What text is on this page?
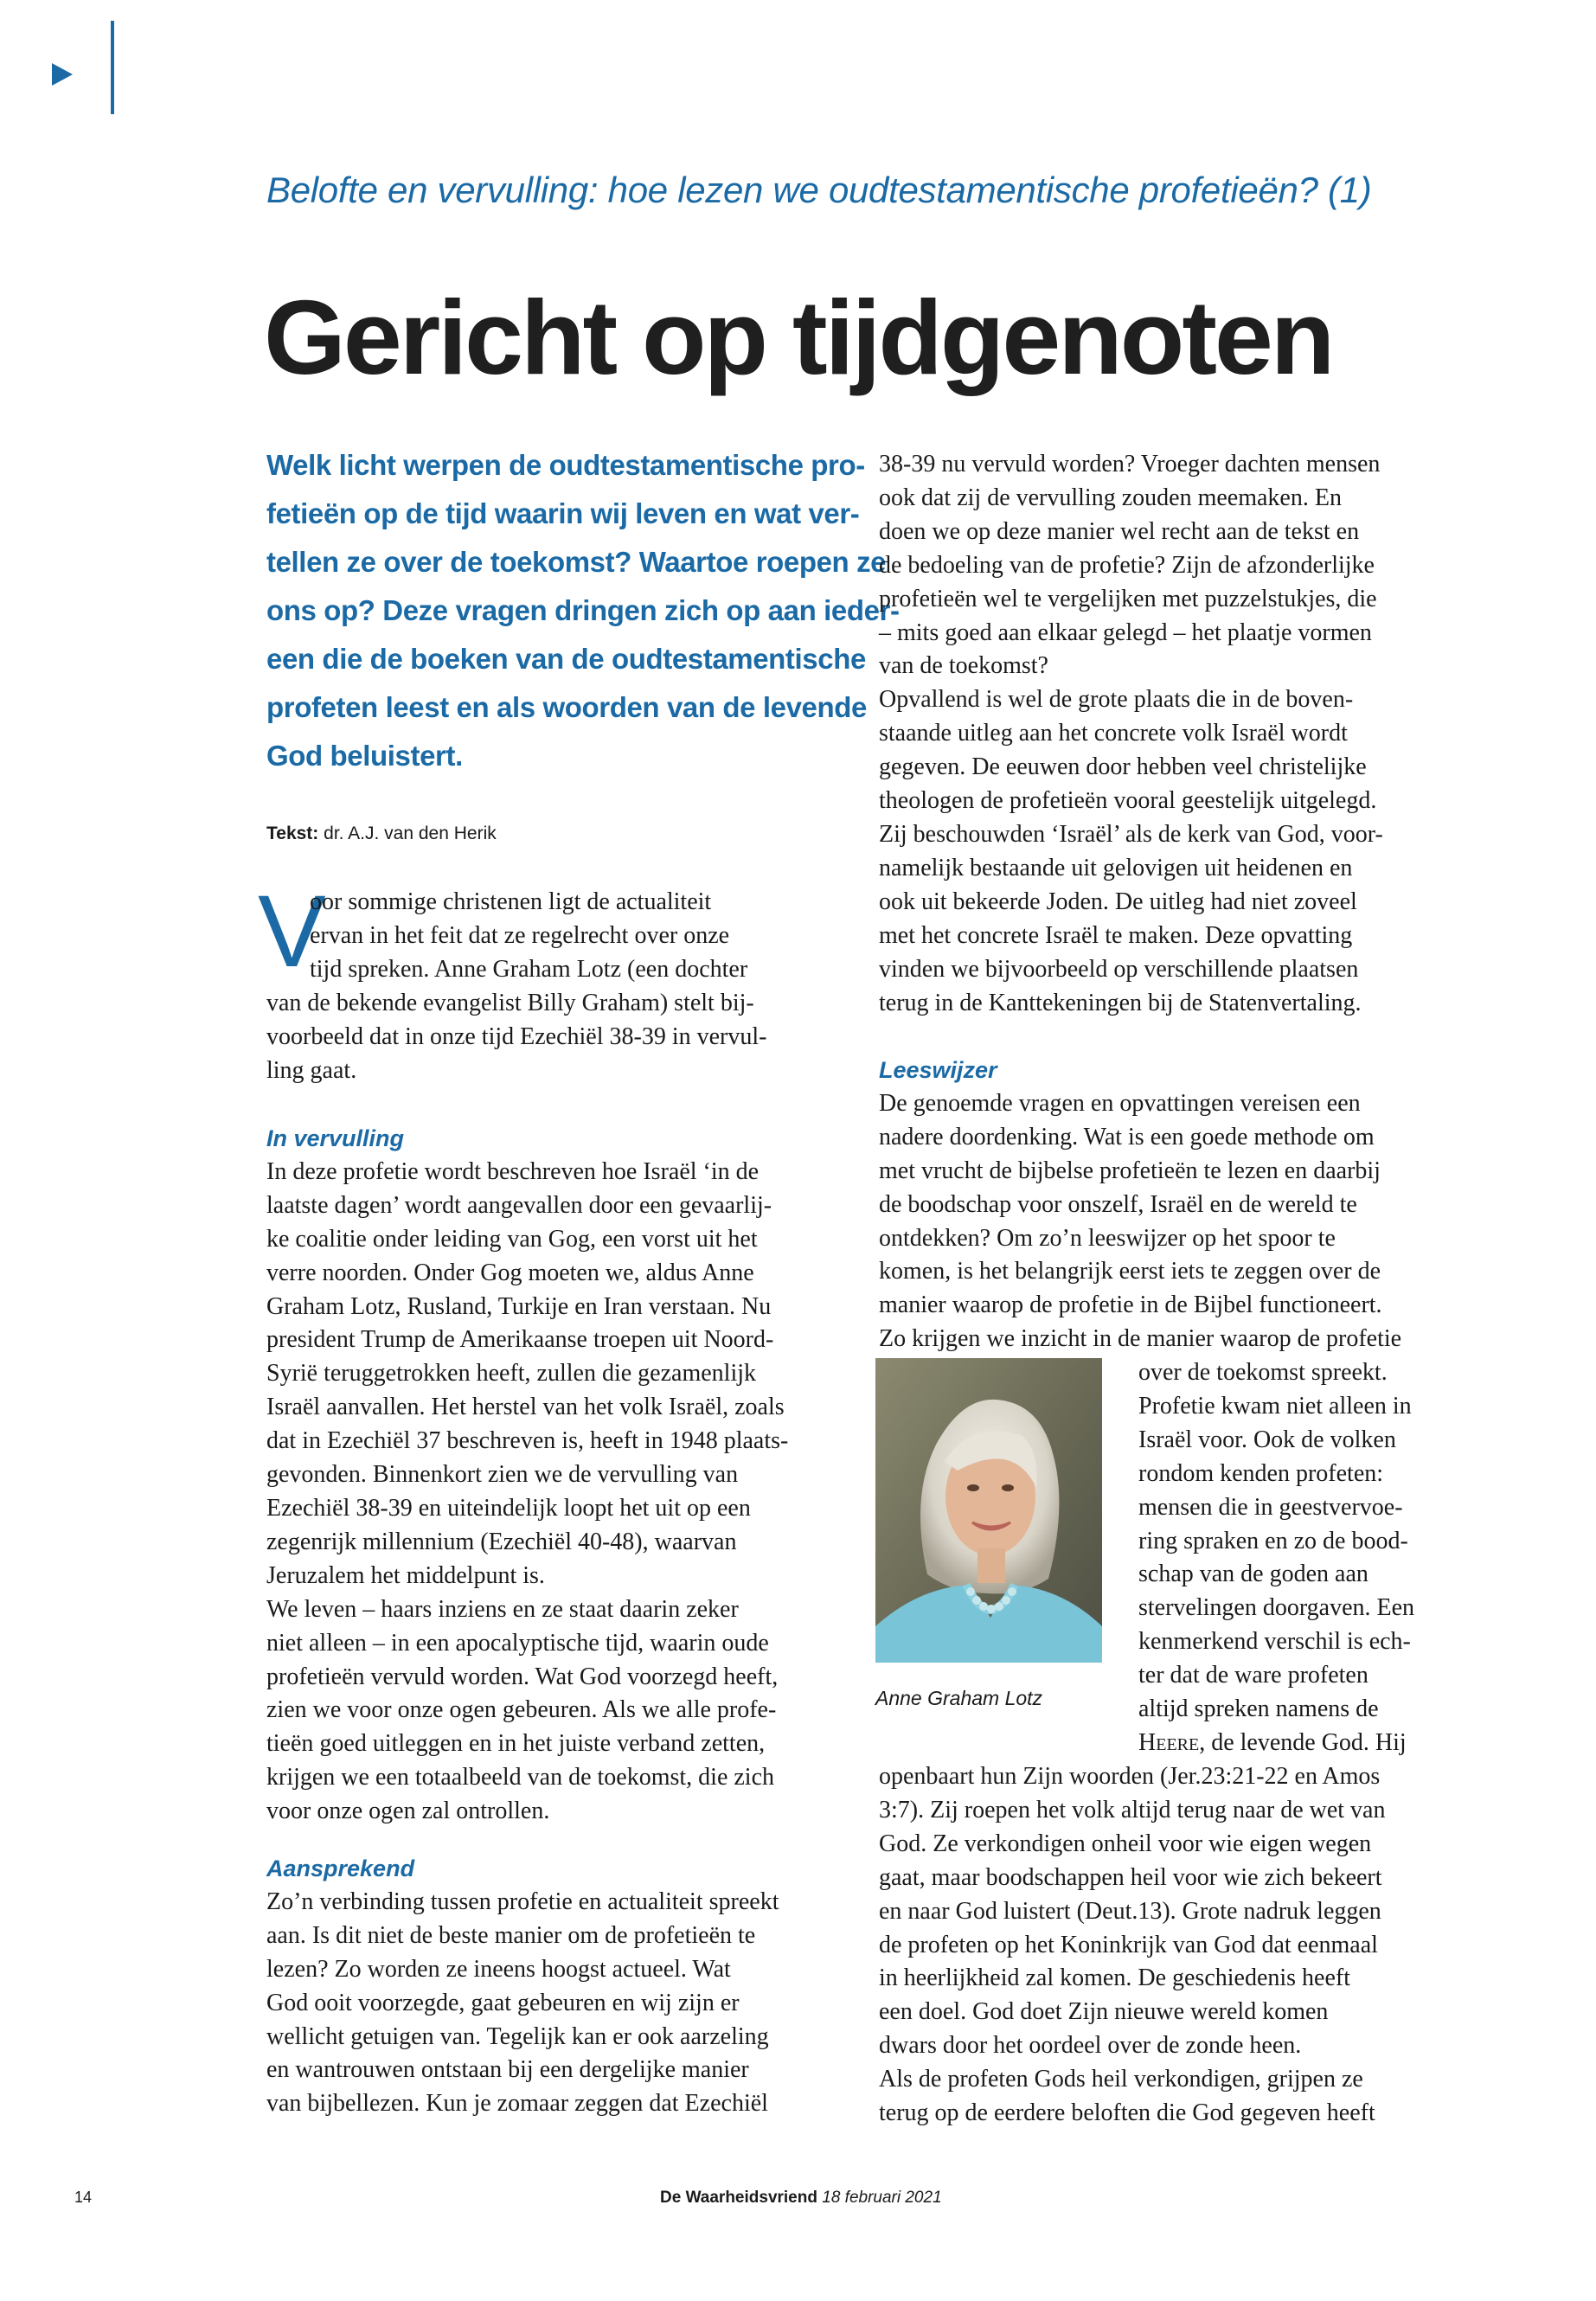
Belofte en vervulling: hoe lezen we oudtestamentische profetieën? (1)
Gericht op tijdgenoten
Welk licht werpen de oudtestamentische pro-
fetieën op de tijd waarin wij leven en wat ver-
tellen ze over de toekomst? Waartoe roepen ze
ons op? Deze vragen dringen zich op aan ieder-
een die de boeken van de oudtestamentische
profeten leest en als woorden van de levende
God beluistert.
Tekst: dr. A.J. van den Herik
V
oor sommige christenen ligt de actualiteit
ervan in het feit dat ze regelrecht over onze
tijd spreken. Anne Graham Lotz (een dochter
van de bekende evangelist Billy Graham) stelt bij-
voorbeeld dat in onze tijd Ezechiël 38-39 in vervul-
ling gaat.
In vervulling
In deze profetie wordt beschreven hoe Israël ‘in de
laatste dagen’ wordt aangevallen door een gevaarlij-
ke coalitie onder leiding van Gog, een vorst uit het
verre noorden. Onder Gog moeten we, aldus Anne
Graham Lotz, Rusland, Turkije en Iran verstaan. Nu
president Trump de Amerikaanse troepen uit Noord-
Syrië teruggetrokken heeft, zullen die gezamenlijk
Israël aanvallen. Het herstel van het volk Israël, zoals
dat in Ezechiël 37 beschreven is, heeft in 1948 plaats-
gevonden. Binnenkort zien we de vervulling van
Ezechiël 38-39 en uiteindelijk loopt het uit op een
zegenrijk millennium (Ezechiël 40-48), waarvan
Jeruzalem het middelpunt is.
We leven – haars inziens en ze staat daarin zeker
niet alleen – in een apocalyptische tijd, waarin oude
profetieën vervuld worden. Wat God voorzegd heeft,
zien we voor onze ogen gebeuren. Als we alle profe-
tieën goed uitleggen en in het juiste verband zetten,
krijgen we een totaalbeeld van de toekomst, die zich
voor onze ogen zal ontrollen.
Aansprekend
Zo’n verbinding tussen profetie en actualiteit spreekt
aan. Is dit niet de beste manier om de profetieën te
lezen? Zo worden ze ineens hoogst actueel. Wat
God ooit voorzegde, gaat gebeuren en wij zijn er
wellicht getuigen van. Tegelijk kan er ook aarzeling
en wantrouwen ontstaan bij een dergelijke manier
van bijbellezen. Kun je zomaar zeggen dat Ezechiël
38-39 nu vervuld worden? Vroeger dachten mensen
ook dat zij de vervulling zouden meemaken. En
doen we op deze manier wel recht aan de tekst en
de bedoeling van de profetie? Zijn de afzonderlijke
profetieën wel te vergelijken met puzzelstukjes, die
– mits goed aan elkaar gelegd – het plaatje vormen
van de toekomst?
Opvallend is wel de grote plaats die in de boven-
staande uitleg aan het concrete volk Israël wordt
gegeven. De eeuwen door hebben veel christelijke
theologen de profetieën vooral geestelijk uitgelegd.
Zij beschouwden ‘Israël’ als de kerk van God, voor-
namelijk bestaande uit gelovigen uit heidenen en
ook uit bekeerde Joden. De uitleg had niet zoveel
met het concrete Israël te maken. Deze opvatting
vinden we bijvoorbeeld op verschillende plaatsen
terug in de Kanttekeningen bij de Statenvertaling.
Leeswijzer
De genoemde vragen en opvattingen vereisen een
nadere doordenking. Wat is een goede methode om
met vrucht de bijbelse profetieën te lezen en daarbij
de boodschap voor onszelf, Israël en de wereld te
ontdekken? Om zo’n leeswijzer op het spoor te
komen, is het belangrijk eerst iets te zeggen over de
manier waarop de profetie in de Bijbel functioneert.
Zo krijgen we inzicht in de manier waarop de profetie
Anne Graham Lotz
over de toekomst spreekt.
Profetie kwam niet alleen in
Israël voor. Ook de volken
rondom kenden profeten:
mensen die in geestvervoe-
ring spraken en zo de bood-
schap van de goden aan
stervelingen doorgaven. Een
kenmerkend verschil is ech-
ter dat de ware profeten
altijd spreken namens de
Heere, de levende God. Hij
openbaart hun Zijn woorden (Jer.23:21-22 en Amos
3:7). Zij roepen het volk altijd terug naar de wet van
God. Ze verkondigen onheil voor wie eigen wegen
gaat, maar boodschappen heil voor wie zich bekeert
en naar God luistert (Deut.13). Grote nadruk leggen
de profeten op het Koninkrijk van God dat eenmaal
in heerlijkheid zal komen. De geschiedenis heeft
een doel. God doet Zijn nieuwe wereld komen
dwars door het oordeel over de zonde heen.
Als de profeten Gods heil verkondigen, grijpen ze
terug op de eerdere beloften die God gegeven heeft
14	De Waarheidsvriend 18 februari 2021
